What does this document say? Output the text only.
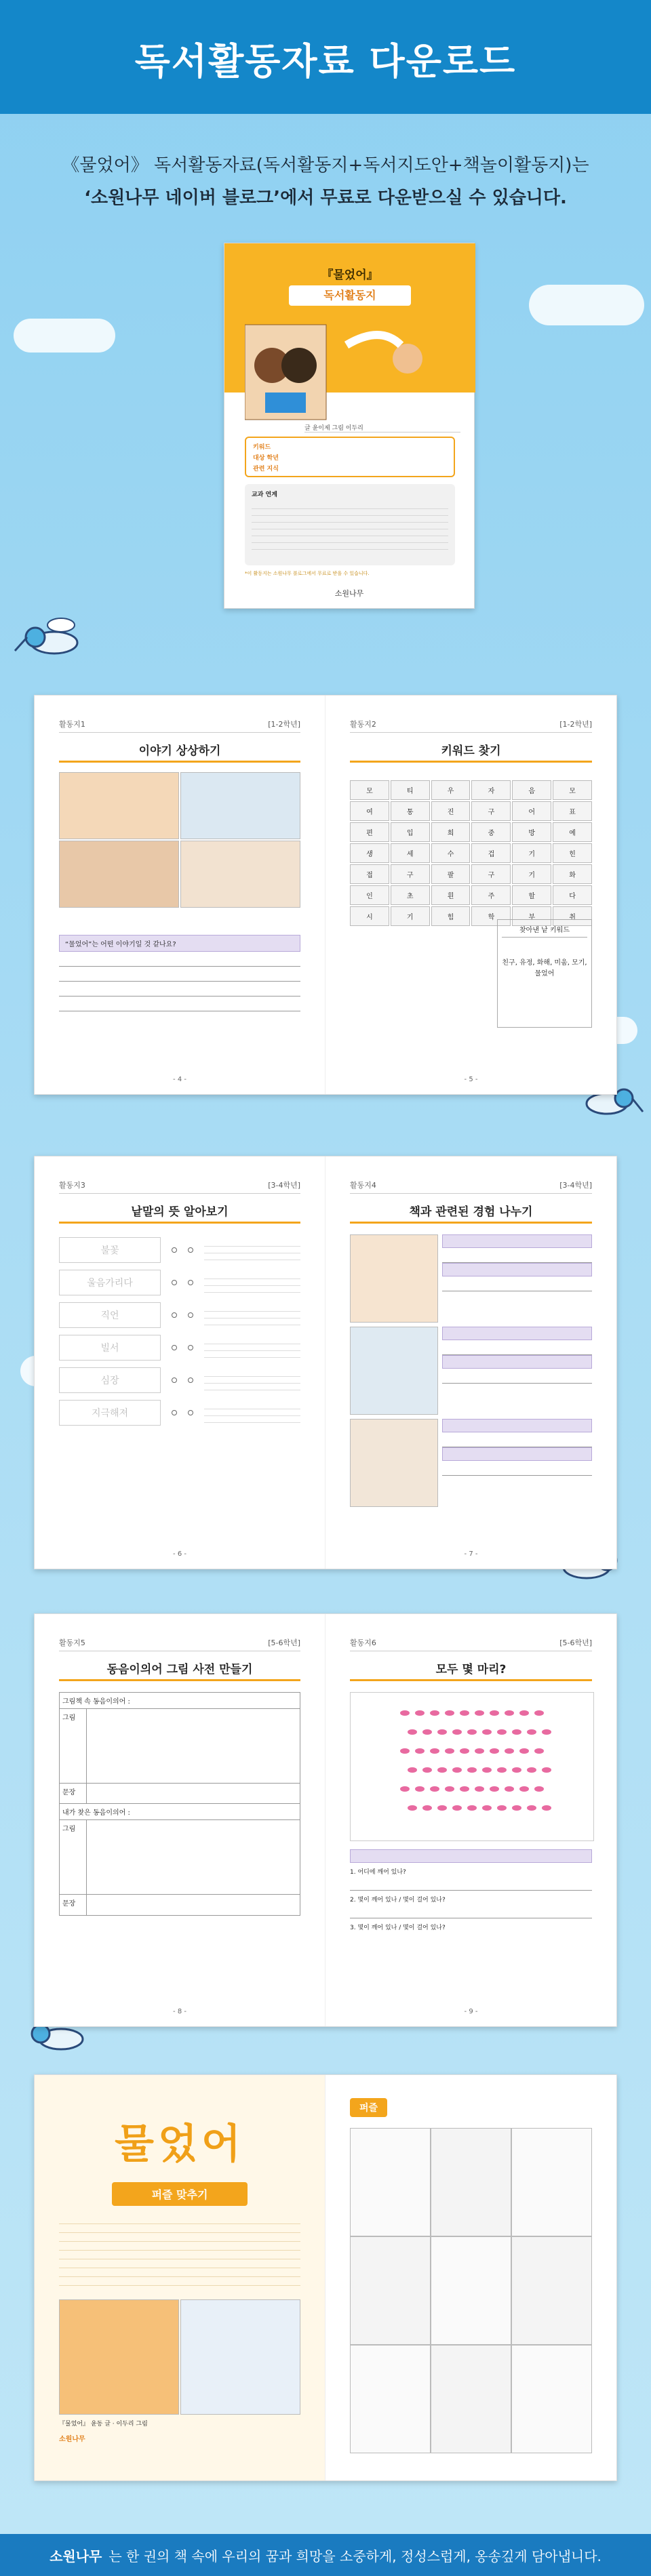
독서활동자료 다운로드
《물었어》 독서활동자료(독서활동지+독서지도안+책놀이활동지)는
‘소원나무 네이버 블로그’에서 무료로 다운받으실 수 있습니다.
『물었어』
독서활동지
글 윤이제 그림 이두리
키워드
대상 학년
관련 지식
교과 연계
*이 활동지는 소원나무 블로그에서 무료로 받을 수 있습니다.
소원나무
활동지1	[1-2학년]
이야기 상상하기
“물었어”는 어떤 이야기일 것 같나요?
- 4 -
활동지2	[1-2학년]
키워드 찾기
모	티	우	자	음	모
여	통	진	구	어	표
편	입	희	중	방	예
생	세	수	겁	기	힌
접	구	팔	구	기	화
인	초	흰	주	할	다
시	기	힘	학	부	취
찾아낸 낱 키워드
친구, 유정, 화해, 미움, 모기, 물었어
- 5 -
활동지3	[3-4학년]
낱말의 뜻 알아보기
불꽃
울음가리다
직언
빌서
심장
지극해져
- 6 -
활동지4	[3-4학년]
책과 관련된 경험 나누기
- 7 -
활동지5	[5-6학년]
동음이의어 그림 사전 만들기
그림책 속 동음이의어 :
그림
문장
내가 찾은 동음이의어 :
그림
문장
- 8 -
활동지6	[5-6학년]
모두 몇 마리?
1. 어디에 깨어 있나?
2. 몇이 깨어 있나 / 몇이 걸어 있나?
3. 몇이 깨어 있나 / 몇이 걸어 있나?
- 9 -
물었어
퍼즐 맞추기
『물었어』 윤동 글 · 이두리 그림
소원나무
퍼즐
소원나무 는 한 권의 책 속에 우리의 꿈과 희망을 소중하게, 정성스럽게, 옹송깊게 담아냅니다.
